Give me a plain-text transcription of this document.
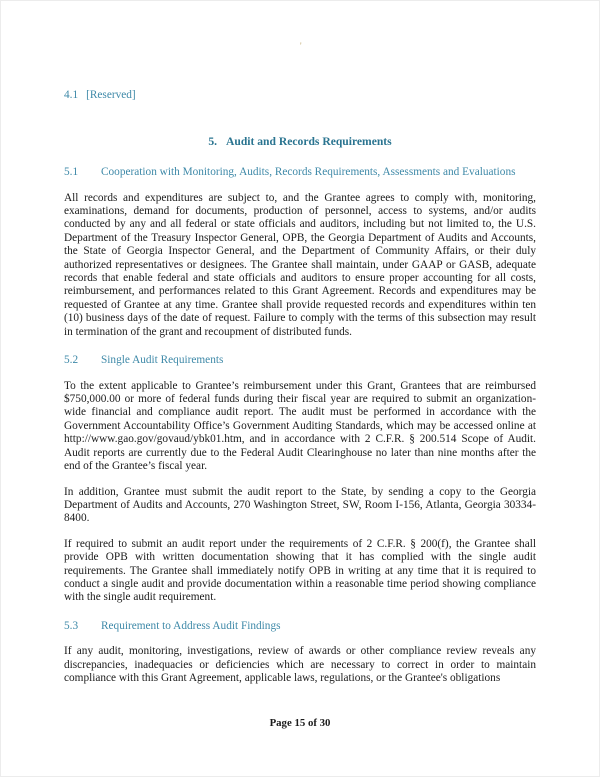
'
4.1 [Reserved]
5. Audit and Records Requirements
5.1	Cooperation with Monitoring, Audits, Records Requirements, Assessments and Evaluations

All records and expenditures are subject to, and the Grantee agrees to comply with, monitoring, examinations, demand for documents, production of personnel, access to systems, and/or audits conducted by any and all federal or state officials and auditors, including but not limited to, the U.S. Department of the Treasury Inspector General, OPB, the Georgia Department of Audits and Accounts, the State of Georgia Inspector General, and the Department of Community Affairs, or their duly authorized representatives or designees. The Grantee shall maintain, under GAAP or GASB, adequate records that enable federal and state officials and auditors to ensure proper accounting for all costs, reimbursement, and performances related to this Grant Agreement. Records and expenditures may be requested of Grantee at any time. Grantee shall provide requested records and expenditures within ten (10) business days of the date of request. Failure to comply with the terms of this subsection may result in termination of the grant and recoupment of distributed funds.

5.2	Single Audit Requirements

To the extent applicable to Grantee’s reimbursement under this Grant, Grantees that are reimbursed $750,000.00 or more of federal funds during their fiscal year are required to submit an organization-wide financial and compliance audit report. The audit must be performed in accordance with the Government Accountability Office’s Government Auditing Standards, which may be accessed online at http://www.gao.gov/govaud/ybk01.htm, and in accordance with 2 C.F.R. § 200.514 Scope of Audit. Audit reports are currently due to the Federal Audit Clearinghouse no later than nine months after the end of the Grantee’s fiscal year.

In addition, Grantee must submit the audit report to the State, by sending a copy to the Georgia Department of Audits and Accounts, 270 Washington Street, SW, Room I-156, Atlanta, Georgia 30334-8400.

If required to submit an audit report under the requirements of 2 C.F.R. § 200(f), the Grantee shall provide OPB with written documentation showing that it has complied with the single audit requirements. The Grantee shall immediately notify OPB in writing at any time that it is required to conduct a single audit and provide documentation within a reasonable time period showing compliance with the single audit requirement.

5.3	Requirement to Address Audit Findings

If any audit, monitoring, investigations, review of awards or other compliance review reveals any discrepancies, inadequacies or deficiencies which are necessary to correct in order to maintain compliance with this Grant Agreement, applicable laws, regulations, or the Grantee's obligations

Page 15 of 30
